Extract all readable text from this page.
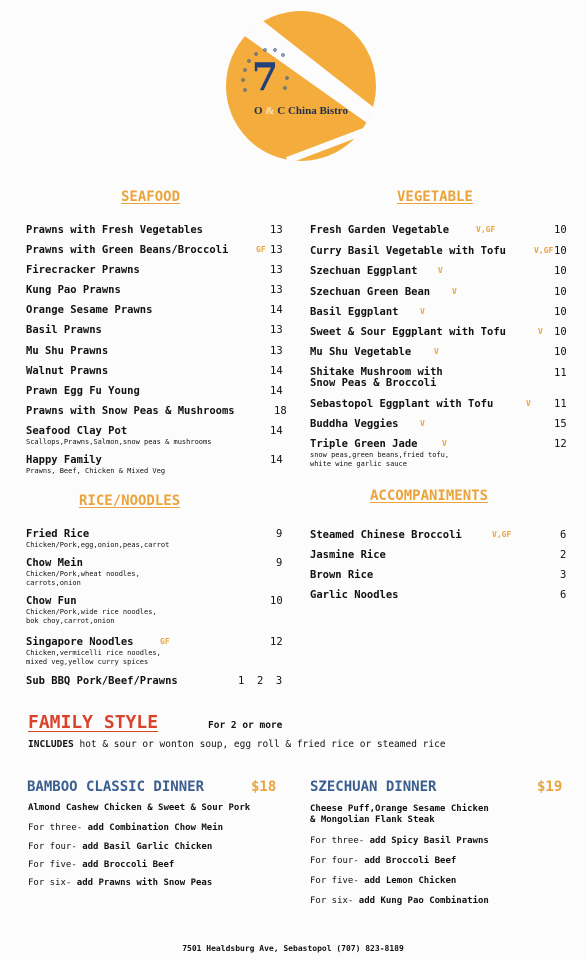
7
O & C China Bistro
SEAFOOD	VEGETABLE
RICE/NOODLES	ACCOMPANIMENTS
Prawns with Fresh Vegetables	13
Prawns with Green Beans/Broccoli	GF 13
Firecracker Prawns	13
Kung Pao Prawns	13
Orange Sesame Prawns	14
Basil Prawns	13
Mu Shu Prawns	13
Walnut Prawns	14
Prawn Egg Fu Young	14
Prawns with Snow Peas & Mushrooms	18
Seafood Clay Pot	14
Scallops,Prawns,Salmon,snow peas & mushrooms
Happy Family	14
Prawns, Beef, Chicken & Mixed Veg
Fresh Garden Vegetable	V,GF	10
Curry Basil Vegetable with Tofu	V,GF 10
Szechuan Eggplant	V	10
Szechuan Green Bean	V	10
Basil Eggplant	V	10
Sweet & Sour Eggplant with Tofu	V 10
Mu Shu Vegetable	V	10
Shitake Mushroom with
Snow Peas & Broccoli
11
Sebastopol Eggplant with Tofu	V 11
Buddha Veggies	V	15
Triple Green Jade	V	12
snow peas,green beans,fried tofu,
white wine garlic sauce
Fried Rice	9
Chicken/Pork,egg,onion,peas,carrot
Chow Mein	9
Chicken/Pork,wheat noodles,
carrots,onion
Chow Fun	10
Chicken/Pork,wide rice noodles,
bok choy,carrot,onion
Singapore Noodles	GF	12
Chicken,vermicelli rice noodles,
mixed veg,yellow curry spices
Sub BBQ Pork/Beef/Prawns	1  2  3
Steamed Chinese Broccoli	V,GF	6
Jasmine Rice	2
Brown Rice	3
Garlic Noodles	6
FAMILY STYLE	For 2 or more
INCLUDES hot & sour or wonton soup, egg roll & fried rice or steamed rice
BAMBOO CLASSIC DINNER	$18
Almond Cashew Chicken & Sweet & Sour Pork
For three- add Combination Chow Mein
For four- add Basil Garlic Chicken
For five- add Broccoli Beef
For six- add Prawns with Snow Peas
SZECHUAN DINNER	$19
Cheese Puff,Orange Sesame Chicken
& Mongolian Flank Steak
For three- add Spicy Basil Prawns
For four- add Broccoli Beef
For five- add Lemon Chicken
For six- add Kung Pao Combination
7501 Healdsburg Ave, Sebastopol (707) 823-8189
